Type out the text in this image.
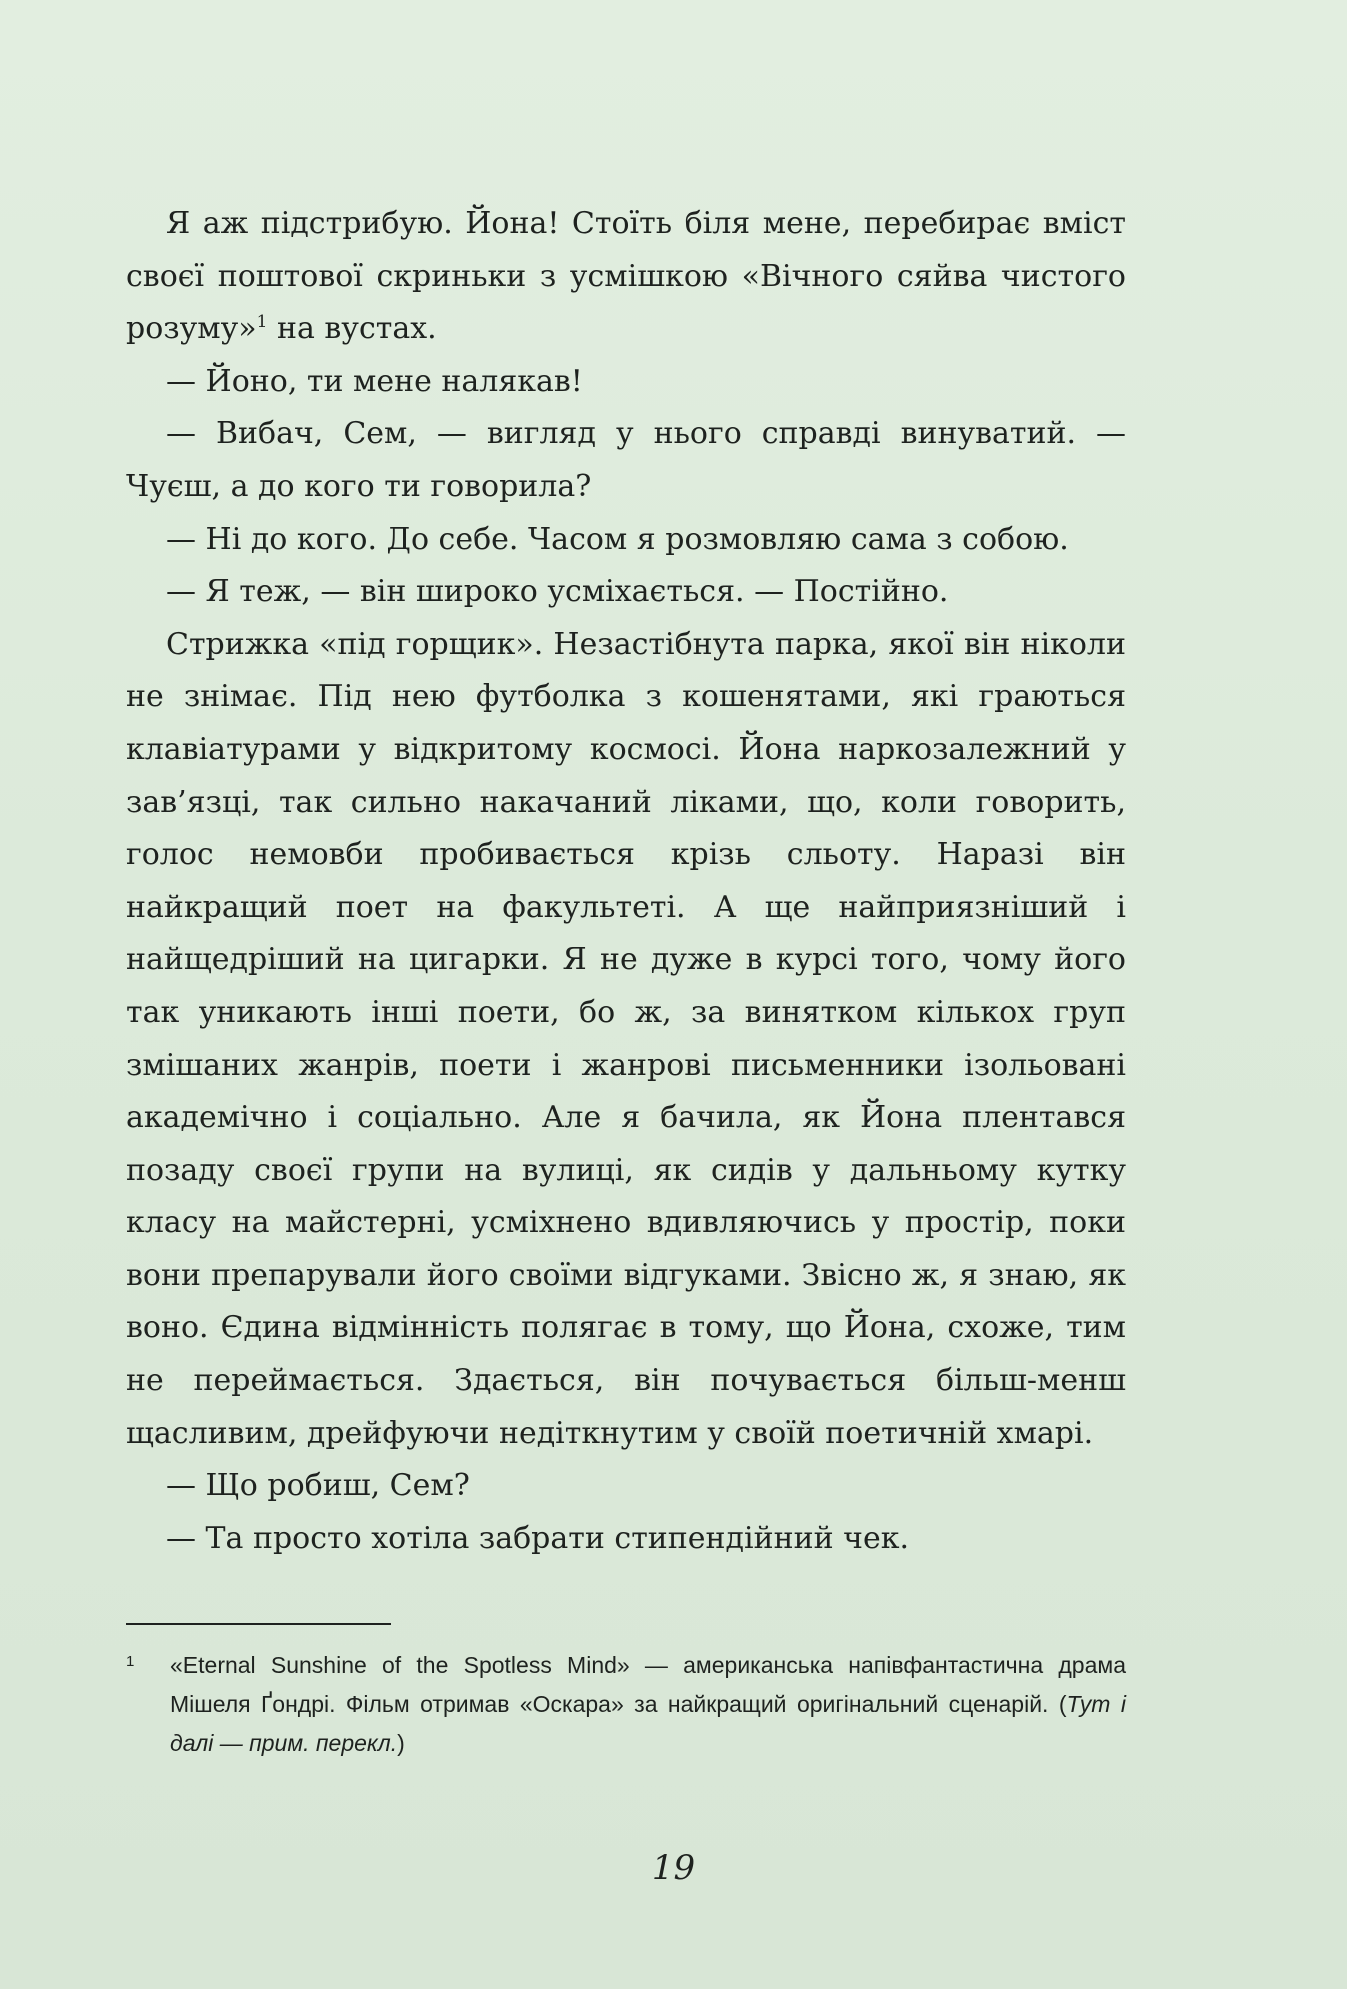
Я аж підстрибую. Йона! Стоїть біля мене, перебирає вміст своєї поштової скриньки з усмішкою «Вічного сяйва чистого розуму»$^1$ на вустах.

— Йоно, ти мене налякав!

— Вибач, Сем, — вигляд у нього справді винуватий. — Чуєш, а до кого ти говорила?

— Ні до кого. До себе. Часом я розмовляю сама з собою.

— Я теж, — він широко усміхається. — Постійно.

Стрижка «під горщик». Незастібнута парка, якої він ніколи не знімає. Під нею футболка з кошенятами, які граються клавіатурами у відкритому космосі. Йона наркозалежний у зав’язці, так сильно накачаний ліками, що, коли говорить, голос немовби пробивається крізь сльоту. Наразі він найкращий поет на факультеті. А ще найприязніший і найщедріший на цигарки. Я не дуже в курсі того, чому його так уникають інші поети, бо ж, за винятком кількох груп змішаних жанрів, поети і жанрові письменники ізольовані академічно і соціально. Але я бачила, як Йона плентався позаду своєї групи на вулиці, як сидів у дальньому кутку класу на майстерні, усміхнено вдивляючись у простір, поки вони препарували його своїми відгуками. Звісно ж, я знаю, як воно. Єдина відмінність полягає в тому, що Йона, схоже, тим не переймається. Здається, він почувається більш-менш щасливим, дрейфуючи недіткнутим у своїй поетичній хмарі.

— Що робиш, Сем?

— Та просто хотіла забрати стипендійний чек.

1 «Eternal Sunshine of the Spotless Mind» — американська напівфантастична драма Мішеля Ґондрі. Фільм отримав «Оскара» за найкращий оригінальний сценарій. (Тут і далі — прим. перекл.)
19
